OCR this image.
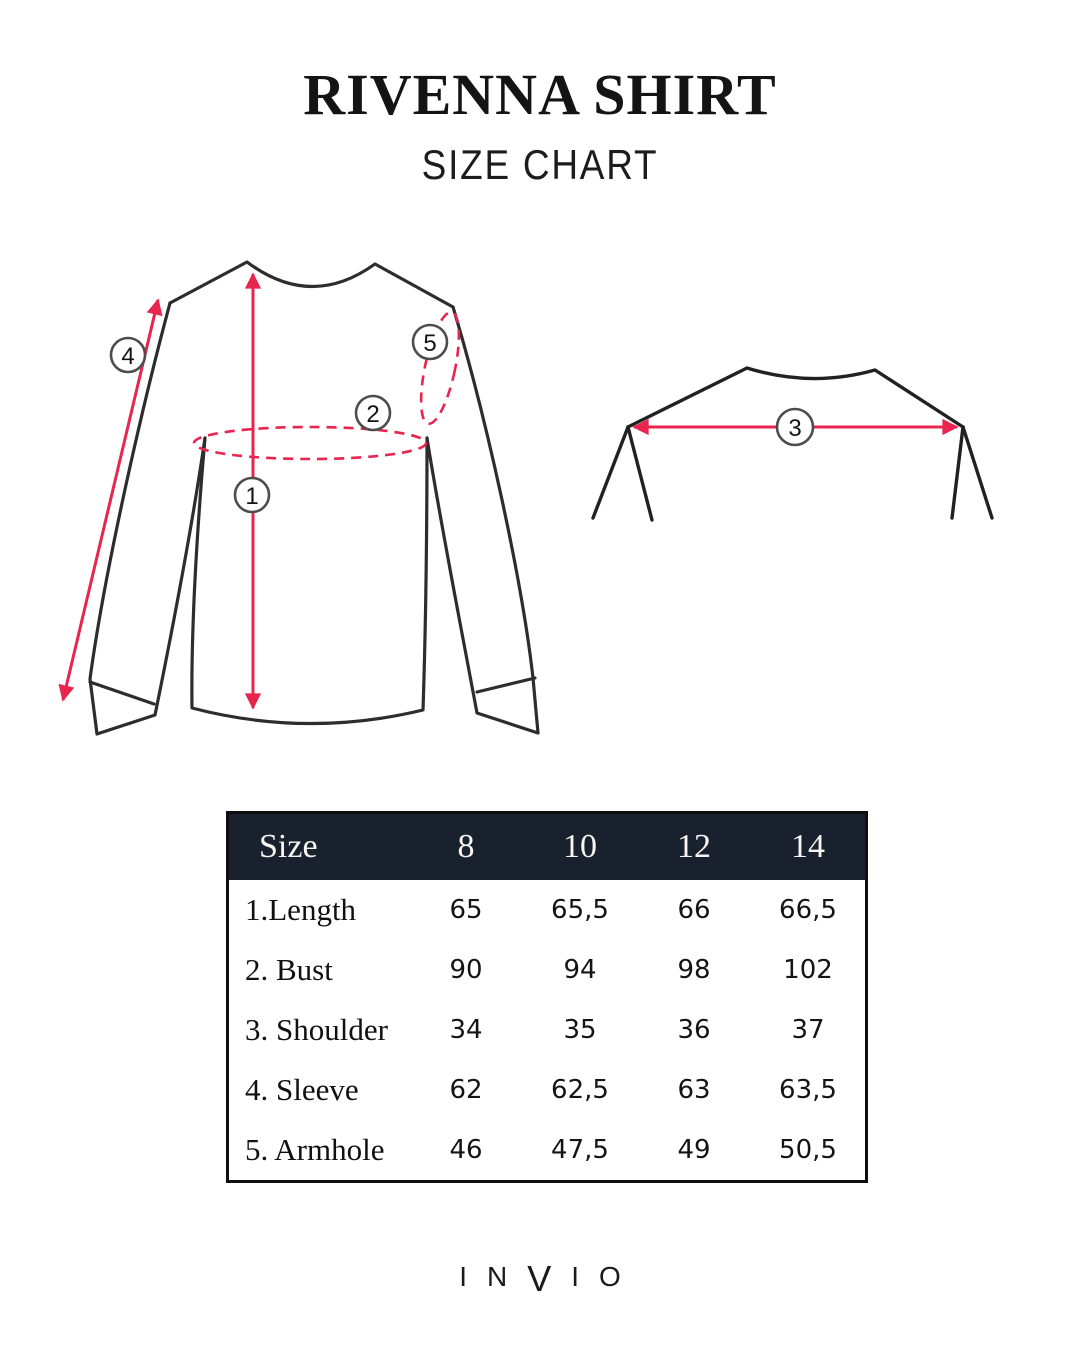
RIVENNA SHIRT
SIZE CHART
1
2
3
4	5
Size	8	10	12	14
1.Length	65	65,5	66	66,5
2. Bust	90	94	98	102
3. Shoulder	34	35	36	37
4. Sleeve	62	62,5	63	63,5
5. Armhole	46	47,5	49	50,5
INVIO
